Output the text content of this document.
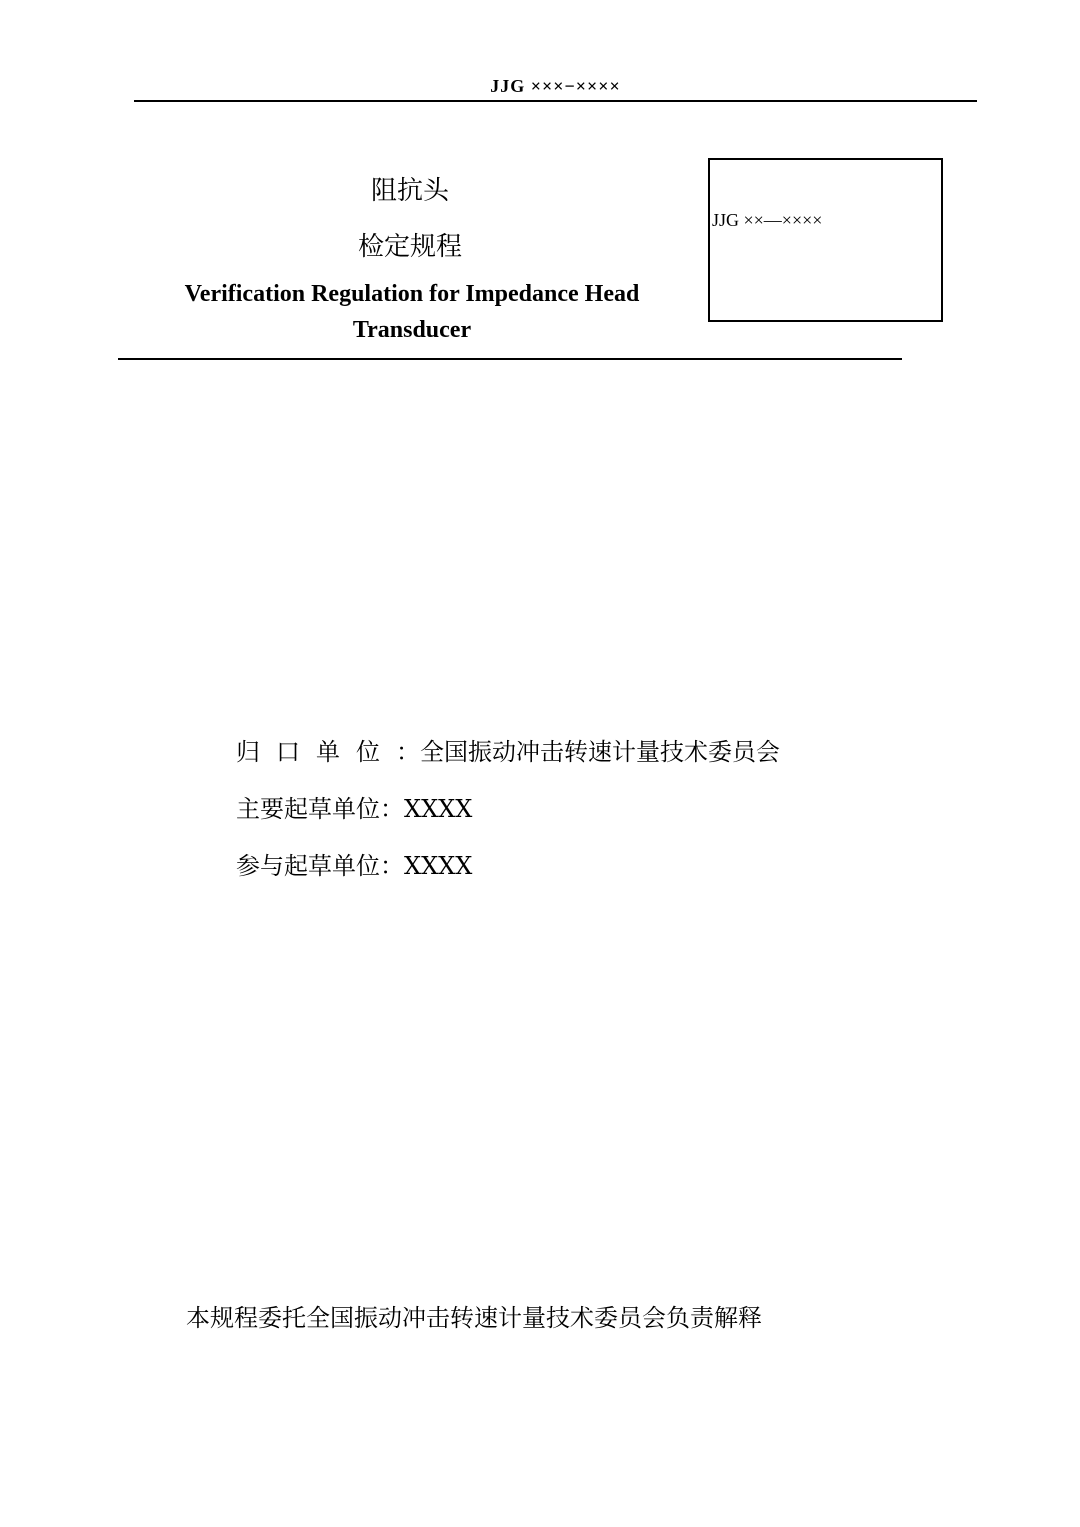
JJG ×××−××××
阻抗头
检定规程
Verification Regulation for Impedance Head
Transducer
JJG ××—××××
归口单位：全国振动冲击转速计量技术委员会
主要起草单位：XXXX
参与起草单位：XXXX
本规程委托全国振动冲击转速计量技术委员会负责解释
